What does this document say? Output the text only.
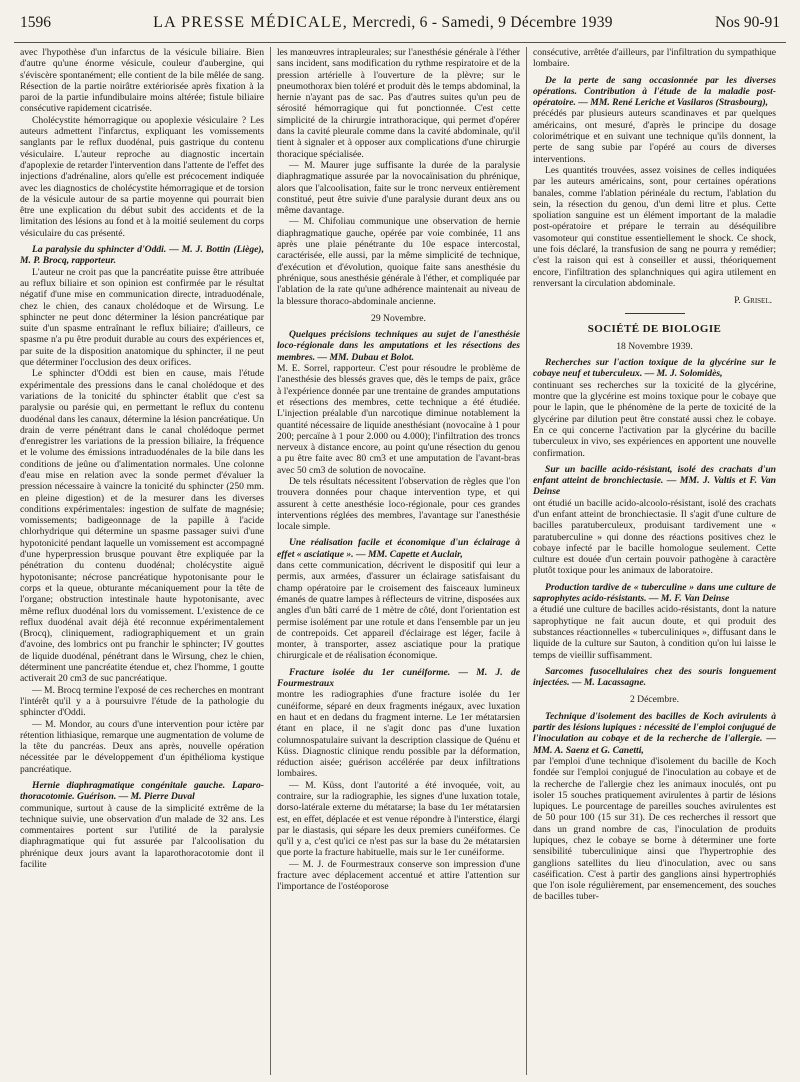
1596	LA PRESSE MÉDICALE, Mercredi, 6 - Samedi, 9 Décembre 1939	Nos 90-91

avec l'hypothèse d'un infarctus de la vésicule biliaire. Bien d'autre qu'une énorme vésicule, couleur d'aubergine, qui s'éviscère spontanément; elle contient de la bile mêlée de sang. Résection de la partie noirâtre extériorisée après fixation à la paroi de la partie infundibulaire moins altérée; fistule biliaire consécutive rapidement cicatrisée.

Cholécystite hémorragique ou apoplexie vésiculaire ? Les auteurs admettent l'infarctus, expliquant les vomissements sanglants par le reflux duodénal, puis gastrique du contenu vésiculaire. L'auteur reproche au diagnostic incertain d'apoplexie de retarder l'intervention dans l'attente de l'effet des injections d'adrénaline, alors qu'elle est précocement indiquée avec les diagnostics de cholécystite hémorragique et de torsion de la vésicule autour de sa partie moyenne qui pourrait bien être une explication du début subit des accidents et de la limitation des lésions au fond et à la moitié seulement du corps vésiculaire du cas présenté.

La paralysie du sphincter d'Oddi. — M. J. Bottin (Liège), M. P. Brocq, rapporteur.

L'auteur ne croit pas que la pancréatite puisse être attribuée au reflux biliaire et son opinion est confirmée par le résultat négatif d'une mise en communication directe, intraduodénale, chez le chien, des canaux cholédoque et de Wirsung. Le sphincter ne peut donc déterminer la lésion pancréatique par suite d'un spasme entraînant le reflux biliaire; d'ailleurs, ce spasme n'a pu être produit durable au cours des expériences et, par suite de la disposition anatomique du sphincter, il ne peut que déterminer l'occlusion des deux orifices.

Le sphincter d'Oddi est bien en cause, mais l'étude expérimentale des pressions dans le canal cholédoque et des variations de la tonicité du sphincter établit que c'est sa paralysie ou parésie qui, en permettant le reflux du contenu duodénal dans les canaux, détermine la lésion pancréatique. Un drain de verre pénétrant dans le canal cholédoque permet d'enregistrer les variations de la pression biliaire, la fréquence et le volume des émissions intraduodénales de la bile dans les conditions de jeûne ou d'alimentation normales. Une colonne d'eau mise en relation avec la sonde permet d'évaluer la pression nécessaire à vaincre la tonicité du sphincter (250 mm. en pleine digestion) et de la mesurer dans les diverses conditions expérimentales: ingestion de sulfate de magnésie; vomissements; badigeonnage de la papille à l'acide chlorhydrique qui détermine un spasme passager suivi d'une hypotonicité pendant laquelle un vomissement est accompagné d'une hyperpression brusque pouvant être expliquée par la pénétration du contenu duodénal; cholécystite aiguë hypotonisante; nécrose pancréatique hypotonisante pour le corps et la queue, obturante mécaniquement pour la tête de l'organe; obstruction intestinale haute hypotonisante, avec même reflux duodénal lors du vomissement. L'existence de ce reflux duodénal avait déjà été reconnue expérimentalement (Brocq), cliniquement, radiographiquement et un grain d'avoine, des lombrics ont pu franchir le sphincter; IV gouttes de liquide duodénal, pénétrant dans le Wirsung, chez le chien, déterminent une pancréatite étendue et, chez l'homme, 1 goutte activerait 20 cm3 de suc pancréatique.

— M. Brocq termine l'exposé de ces recherches en montrant l'intérêt qu'il y a à poursuivre l'étude de la pathologie du sphincter d'Oddi.

— M. Mondor, au cours d'une intervention pour ictère par rétention lithiasique, remarque une augmentation de volume de la tête du pancréas. Deux ans après, nouvelle opération nécessitée par le développement d'un épithélioma kystique pancréatique.

Hernie diaphragmatique congénitale gauche. Laparo-thoracotomie. Guérison. — M. Pierre Duval

communique, surtout à cause de la simplicité extrême de la technique suivie, une observation d'un malade de 32 ans. Les commentaires portent sur l'utilité de la paralysie diaphragmatique qui fut assurée par l'alcoolisation du phrénique deux jours avant la laparothoracotomie dont il facilite

les manœuvres intrapleurales; sur l'anesthésie générale à l'éther sans incident, sans modification du rythme respiratoire et de la pression artérielle à l'ouverture de la plèvre; sur le pneumothorax bien toléré et produit dès le temps abdominal, la hernie n'ayant pas de sac. Pas d'autres suites qu'un peu de sérosité hémorragique qui fut ponctionnée. C'est cette simplicité de la chirurgie intrathoracique, qui permet d'opérer dans la cavité pleurale comme dans la cavité abdominale, qu'il tient à signaler et à opposer aux complications d'une chirurgie thoracique spécialisée.

— M. Maurer juge suffisante la durée de la paralysie diaphragmatique assurée par la novocaïnisation du phrénique, alors que l'alcoolisation, faite sur le tronc nerveux entièrement constitué, peut être suivie d'une paralysie durant deux ans ou même davantage.

— M. Chifoliau communique une observation de hernie diaphragmatique gauche, opérée par voie combinée, 11 ans après une plaie pénétrante du 10e espace intercostal, caractérisée, elle aussi, par la même simplicité de technique, d'exécution et d'évolution, quoique faite sans anesthésie du phrénique, sous anesthésie générale à l'éther, et compliquée par l'ablation de la rate qu'une adhérence maintenait au niveau de la blessure thoraco-abdominale ancienne.

29 Novembre.

Quelques précisions techniques au sujet de l'anesthésie loco-régionale dans les amputations et les résections des membres. — MM. Dubau et Bolot.

M. E. Sorrel, rapporteur. C'est pour résoudre le problème de l'anesthésie des blessés graves que, dès le temps de paix, grâce à l'expérience donnée par une trentaine de grandes amputations et résections des membres, cette technique a été étudiée. L'injection préalable d'un narcotique diminue notablement la quantité nécessaire de liquide anesthésiant (novocaïne à 1 pour 200; percaïne à 1 pour 2.000 ou 4.000); l'infiltration des troncs nerveux à distance encore, au point qu'une résection du genou a pu être faite avec 80 cm3 et une amputation de l'avant-bras avec 50 cm3 de solution de novocaïne.

De tels résultats nécessitent l'observation de règles que l'on trouvera données pour chaque intervention type, et qui assurent à cette anesthésie loco-régionale, pour ces grandes interventions réglées des membres, l'avantage sur l'anesthésie locale simple.

Une réalisation facile et économique d'un éclairage à effet « asciatique ». — MM. Capette et Auclair,

dans cette communication, décrivent le dispositif qui leur a permis, aux armées, d'assurer un éclairage satisfaisant du champ opératoire par le croisement des faisceaux lumineux émanés de quatre lampes à réflecteurs de vitrine, disposées aux angles d'un bâti carré de 1 mètre de côté, dont l'orientation est permise isolément par une rotule et dans l'ensemble par un jeu de contrepoids. Cet appareil d'éclairage est léger, facile à monter, à transporter, assez asciatique pour la pratique chirurgicale et de réalisation économique.

Fracture isolée du 1er cunéiforme. — M. J. de Fourmestraux

montre les radiographies d'une fracture isolée du 1er cunéiforme, séparé en deux fragments inégaux, avec luxation en haut et en dedans du fragment interne. Le 1er métatarsien étant en place, il ne s'agit donc pas d'une luxation columnospatulaire suivant la description classique de Quénu et Küss. Diagnostic clinique rendu possible par la déformation, réduction aisée; guérison accélérée par deux infiltrations lombaires.

— M. Küss, dont l'autorité a été invoquée, voit, au contraire, sur la radiographie, les signes d'une luxation totale, dorso-latérale externe du métatarse; la base du 1er métatarsien est, en effet, déplacée et est venue répondre à l'interstice, élargi par le diastasis, qui sépare les deux premiers cunéiformes. Ce qu'il y a, c'est qu'ici ce n'est pas sur la base du 2e métatarsien que porte la fracture habituelle, mais sur le 1er cunéiforme.

— M. J. de Fourmestraux conserve son impression d'une fracture avec déplacement accentué et attire l'attention sur l'importance de l'ostéoporose

consécutive, arrêtée d'ailleurs, par l'infiltration du sympathique lombaire.

De la perte de sang occasionnée par les diverses opérations. Contribution à l'étude de la maladie post-opératoire. — MM. René Leriche et Vasilaros (Strasbourg),

précédés par plusieurs auteurs scandinaves et par quelques américains, ont mesuré, d'après le principe du dosage colorimétrique et en suivant une technique qu'ils donnent, la perte de sang subie par l'opéré au cours de diverses interventions.

Les quantités trouvées, assez voisines de celles indiquées par les auteurs américains, sont, pour certaines opérations banales, comme l'ablation périnéale du rectum, l'ablation du sein, la résection du genou, d'un demi litre et plus. Cette spoliation sanguine est un élément important de la maladie post-opératoire et prépare le terrain au déséquilibre vasomoteur qui constitue essentiellement le shock. Ce shock, une fois déclaré, la transfusion de sang ne pourra y remédier; c'est la raison qui est à conseiller et aussi, théoriquement encore, l'infiltration des splanchniques qui agira utilement en renversant la circulation abdominale.

P. Grisel.

SOCIÉTÉ DE BIOLOGIE

18 Novembre 1939.

Recherches sur l'action toxique de la glycérine sur le cobaye neuf et tuberculeux. — M. J. Solomidès,

continuant ses recherches sur la toxicité de la glycérine, montre que la glycérine est moins toxique pour le cobaye que pour le lapin, que le phénomène de la perte de toxicité de la glycérine par dilution peut être constaté aussi chez le cobaye. En ce qui concerne l'activation par la glycérine du bacille tuberculeux in vivo, ses expériences en apportent une nouvelle confirmation.

Sur un bacille acido-résistant, isolé des crachats d'un enfant atteint de bronchiectasie. — MM. J. Valtis et F. Van Deinse

ont étudié un bacille acido-alcoolo-résistant, isolé des crachats d'un enfant atteint de bronchiectasie. Il s'agit d'une culture de bacilles paratuberculeux, produisant tardivement une « paratuberculine » qui donne des réactions positives chez le cobaye infecté par le bacille homologue seulement. Cette culture est douée d'un certain pouvoir pathogène à caractère plutôt toxique pour les animaux de laboratoire.

Production tardive de « tuberculine » dans une culture de saprophytes acido-résistants. — M. F. Van Deinse

a étudié une culture de bacilles acido-résistants, dont la nature saprophytique ne fait aucun doute, et qui produit des substances réactionnelles « tuberculiniques », diffusant dans le liquide de la culture sur Sauton, à condition qu'on lui laisse le temps de vieillir suffisamment.

Sarcomes fusocellulaires chez des souris longuement injectées. — M. Lacassagne.

2 Décembre.

Technique d'isolement des bacilles de Koch avirulents à partir des lésions lupiques : nécessité de l'emploi conjugué de l'inoculation au cobaye et de la recherche de l'allergie. — MM. A. Saenz et G. Canetti,

par l'emploi d'une technique d'isolement du bacille de Koch fondée sur l'emploi conjugué de l'inoculation au cobaye et de la recherche de l'allergie chez les animaux inoculés, ont pu isoler 15 souches pratiquement avirulentes à partir de lésions lupiques. Le pourcentage de pareilles souches avirulentes est de 50 pour 100 (15 sur 31). De ces recherches il ressort que dans un grand nombre de cas, l'inoculation de produits lupiques, chez le cobaye se borne à déterminer une forte sensibilité tuberculinique ainsi que l'hypertrophie des ganglions satellites du lieu d'inoculation, avec ou sans caséification. C'est à partir des ganglions ainsi hypertrophiés que l'on isole régulièrement, par ensemencement, des souches de bacilles tuber-
